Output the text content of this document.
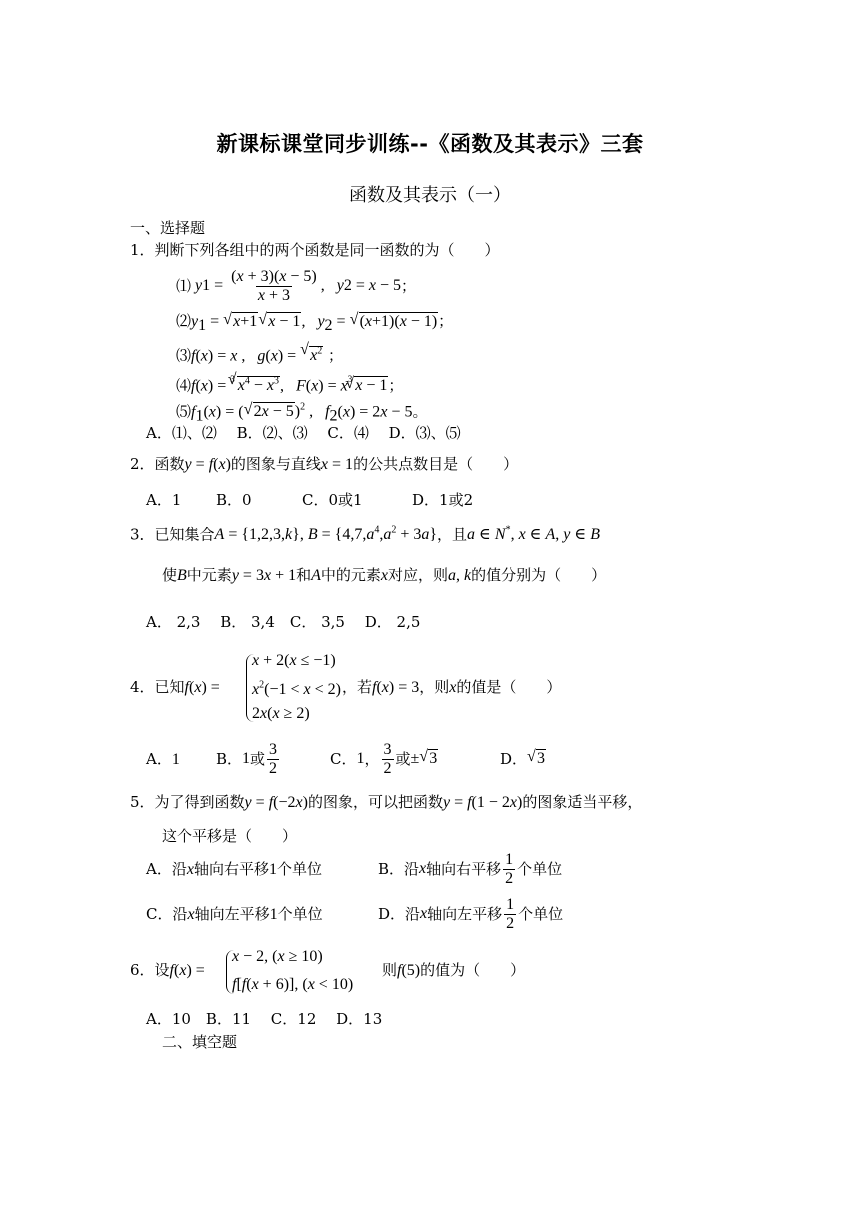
新课标课堂同步训练--《函数及其表示》三套
函数及其表示（一）
一、选择题
1．判断下列各组中的两个函数是同一函数的为（　　）
⑴ y $1 = \frac{(x + 3)(x - 5)}{x + 3}$ ,   y 2 = x − 5 ；
$⑵y_1$ = √ x+1√ x − 1,   $y_2$ = √ (x+1)(x − 1)；
⑶f(x) = x ,   g(x) = √ $x^2$ ；
⑷f(x) = $^3$√ $x^4 - x^3$,   $F(x) = x^3√$ x − 1；
$⑸f_1(x)$ = (√ 2x − 5)$^2$ ,   $f_2(x) = 2x - 5$。
A．⑴、⑵　 B．⑵、⑶　 C．⑷　 D．⑶、⑸
2．函数y = f(x)的图象与直线x = 1的公共点数目是（　　）
A．1 B．0	C．0或1	D．1或2
3．已知集合A = {1,2,3,k}, $B = \{4,7,a^4,a^2 + 3a\}$，且a ∈ N*, x ∈ A, y ∈ B
使B中元素y = 3x + 1和A中的元素x对应，则a, k的值分别为（　　）
A． 2,3　 B． 3,4　C． 3,5　 D． 2,5
x + 2(x ≤ −1)
$x^2(-1 < x < 2)$
2x(x ≥ 2)
4．已知f(x) =	，若f(x) = 3，则x的值是（　　）
A．1	B． 1 或 $\frac{3}{2}$	C． 1 ， $\frac{3}{2}$ 或 ±
√ 3	D．
√ 3
5．为了得到函数y = f(−2x)的图象，可以把函数y = f(1 − 2x)的图象适当平移，
这个平移是（　　）
A．沿x轴向右平移1个单位	B．沿 x 轴向右平移 $\frac{1}{2}$ 个单位
C．沿x轴向左平移1个单位	D．沿 x 轴向左平移 $\frac{1}{2}$ 个单位
x − 2, (x ≥ 10)
f[f(x + 6)], (x < 10)
6．设f(x) =	则f(5)的值为（　　）
A．10　B．11　 C．12　 D．13
二、填空题
